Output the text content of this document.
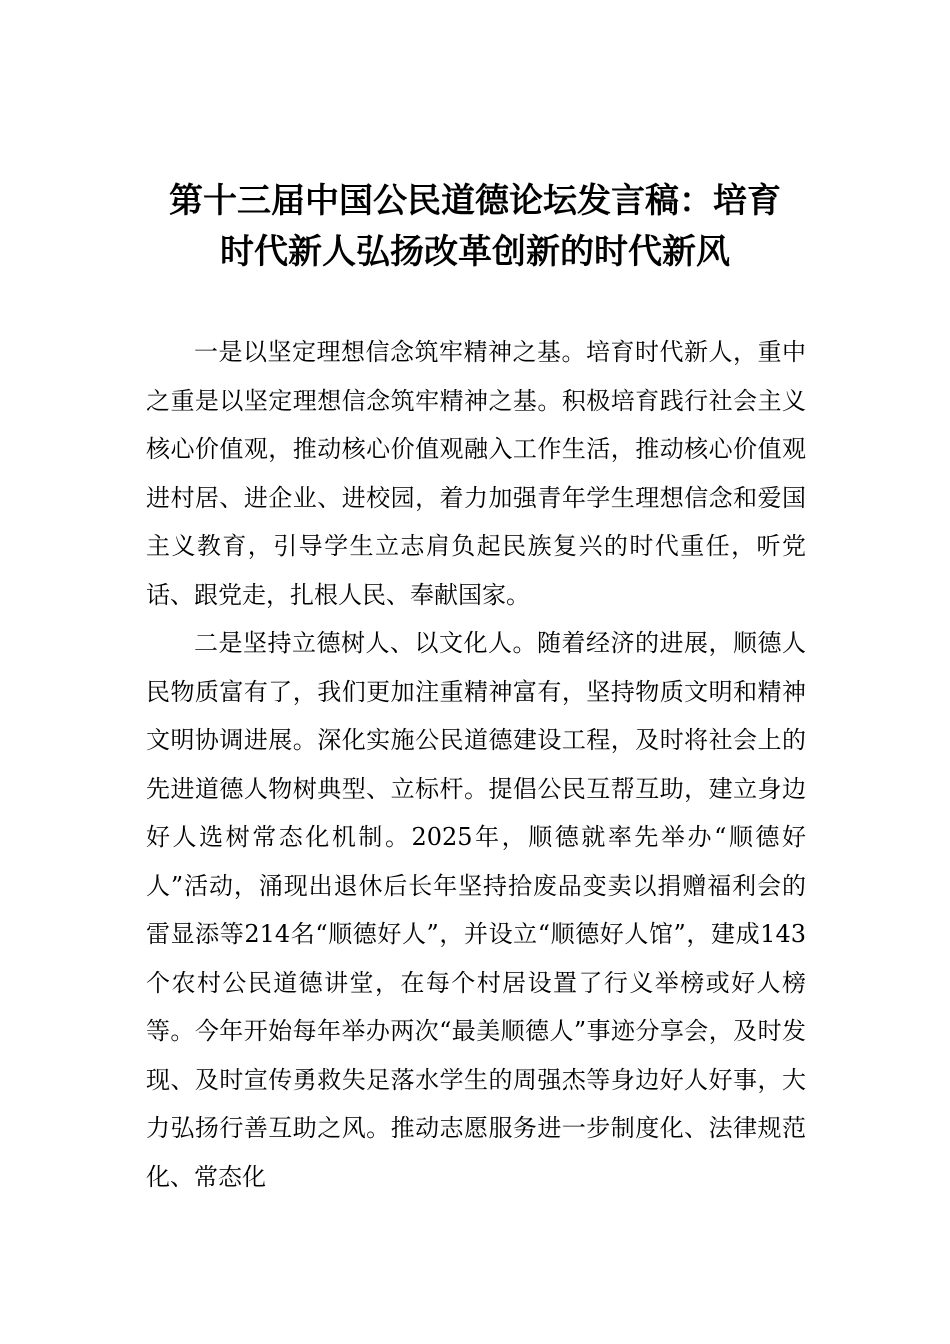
第十三届中国公民道德论坛发言稿：培育
时代新人弘扬改革创新的时代新风

一是以坚定理想信念筑牢精神之基。培育时代新人，重中之重是以坚定理想信念筑牢精神之基。积极培育践行社会主义核心价值观，推动核心价值观融入工作生活，推动核心价值观进村居、进企业、进校园，着力加强青年学生理想信念和爱国主义教育，引导学生立志肩负起民族复兴的时代重任，听党话、跟党走，扎根人民、奉献国家。

二是坚持立德树人、以文化人。随着经济的进展，顺德人民物质富有了，我们更加注重精神富有，坚持物质文明和精神文明协调进展。深化实施公民道德建设工程，及时将社会上的先进道德人物树典型、立标杆。提倡公民互帮互助，建立身边好人选树常态化机制。2025年，顺德就率先举办“顺德好人”活动，涌现出退休后长年坚持拾废品变卖以捐赠福利会的雷显添等214名“顺德好人”，并设立“顺德好人馆”，建成143个农村公民道德讲堂，在每个村居设置了行义举榜或好人榜等。今年开始每年举办两次“最美顺德人”事迹分享会，及时发现、及时宣传勇救失足落水学生的周强杰等身边好人好事，大力弘扬行善互助之风。推动志愿服务进一步制度化、法律规范化、常态化
